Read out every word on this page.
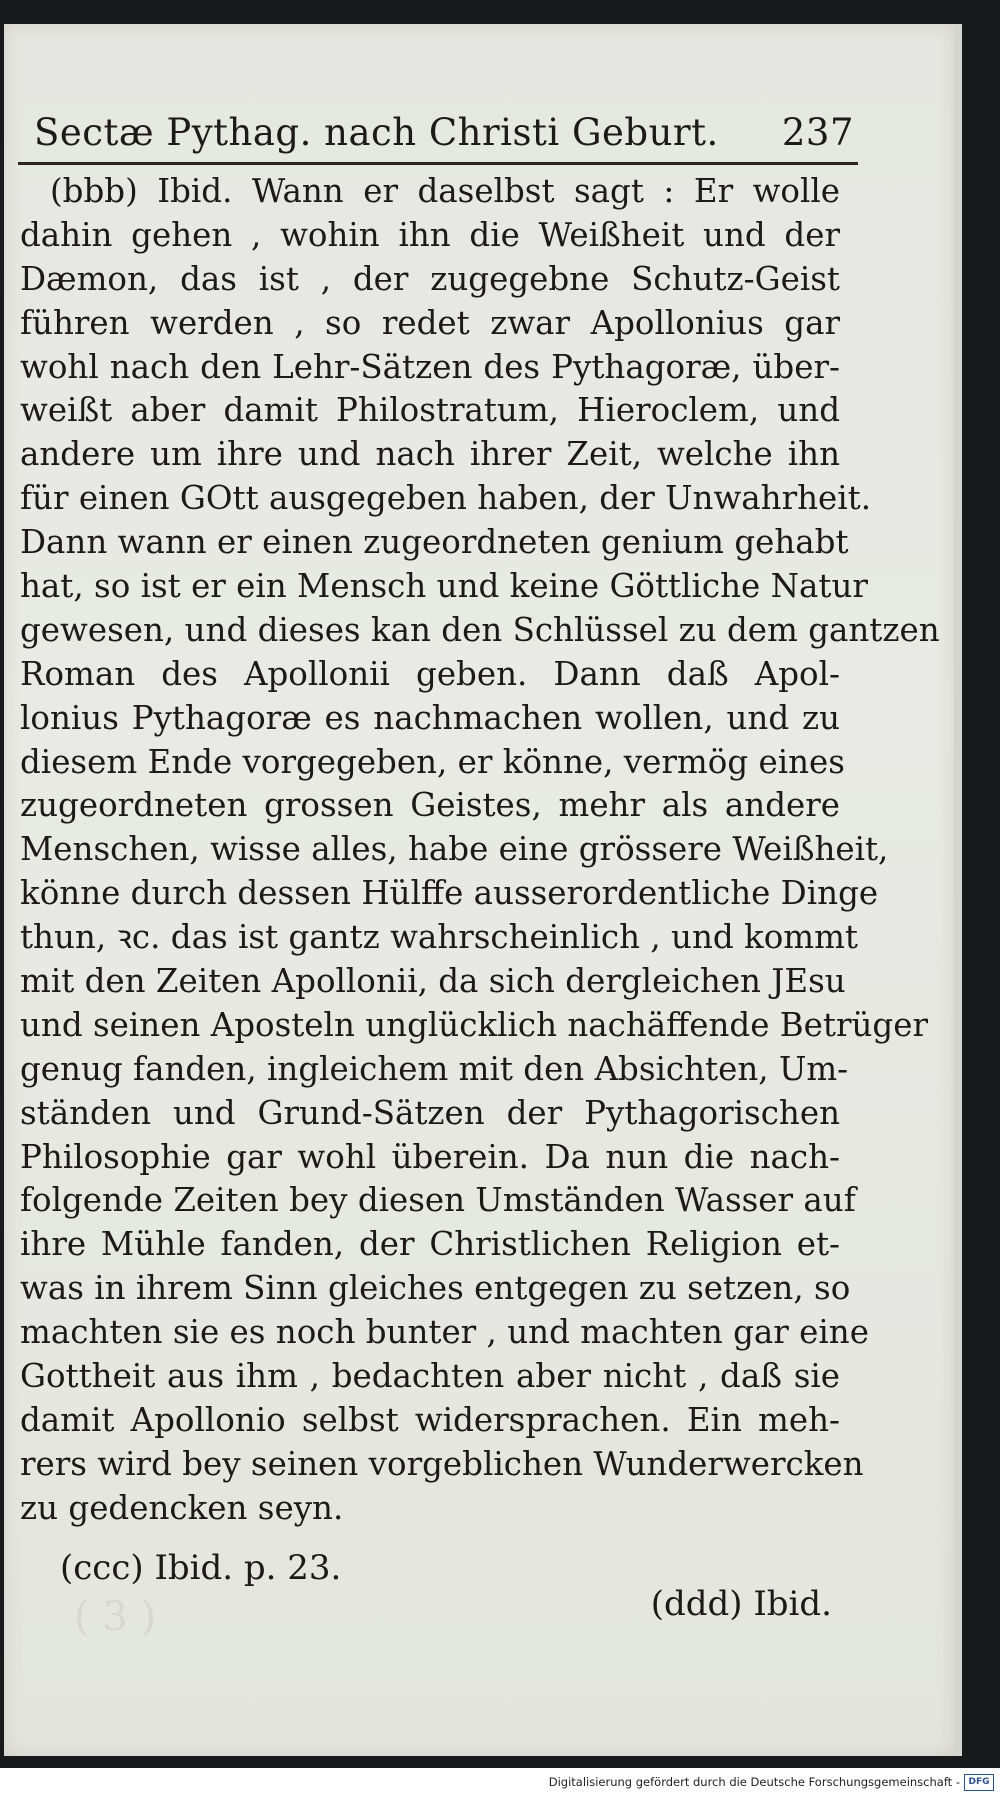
Sectæ Pythag. nach Christi Geburt. 237
(bbb) Ibid. Wann er daselbst sagt : Er wolle
dahin gehen , wohin ihn die Weißheit und der
Dæmon, das ist , der zugegebne Schutz-Geist
führen werden , so redet zwar Apollonius gar
wohl nach den Lehr-Sätzen des Pythagoræ, über-
weißt aber damit Philostratum, Hieroclem, und
andere um ihre und nach ihrer Zeit, welche ihn
für einen GOtt ausgegeben haben, der Unwahrheit.
Dann wann er einen zugeordneten genium gehabt
hat, so ist er ein Mensch und keine Göttliche Natur
gewesen, und dieses kan den Schlüssel zu dem gantzen
Roman des Apollonii geben. Dann daß Apol-
lonius Pythagoræ es nachmachen wollen, und zu
diesem Ende vorgegeben, er könne, vermög eines
zugeordneten grossen Geistes, mehr als andere
Menschen, wisse alles, habe eine grössere Weißheit,
könne durch dessen Hülffe ausserordentliche Dinge
thun, ꝛc. das ist gantz wahrscheinlich , und kommt
mit den Zeiten Apollonii, da sich dergleichen JEsu
und seinen Aposteln unglücklich nachäffende Betrüger
genug fanden, ingleichem mit den Absichten, Um-
ständen und Grund-Sätzen der Pythagorischen
Philosophie gar wohl überein. Da nun die nach-
folgende Zeiten bey diesen Umständen Wasser auf
ihre Mühle fanden, der Christlichen Religion et-
was in ihrem Sinn gleiches entgegen zu setzen, so
machten sie es noch bunter , und machten gar eine
Gottheit aus ihm , bedachten aber nicht , daß sie
damit Apollonio selbst widersprachen. Ein meh-
rers wird bey seinen vorgeblichen Wunderwercken
zu gedencken seyn.
( 3 )
(ccc) Ibid. p. 23.
(ddd) Ibid.
Digitalisierung gefördert durch die Deutsche Forschungsgemeinschaft - DFG
